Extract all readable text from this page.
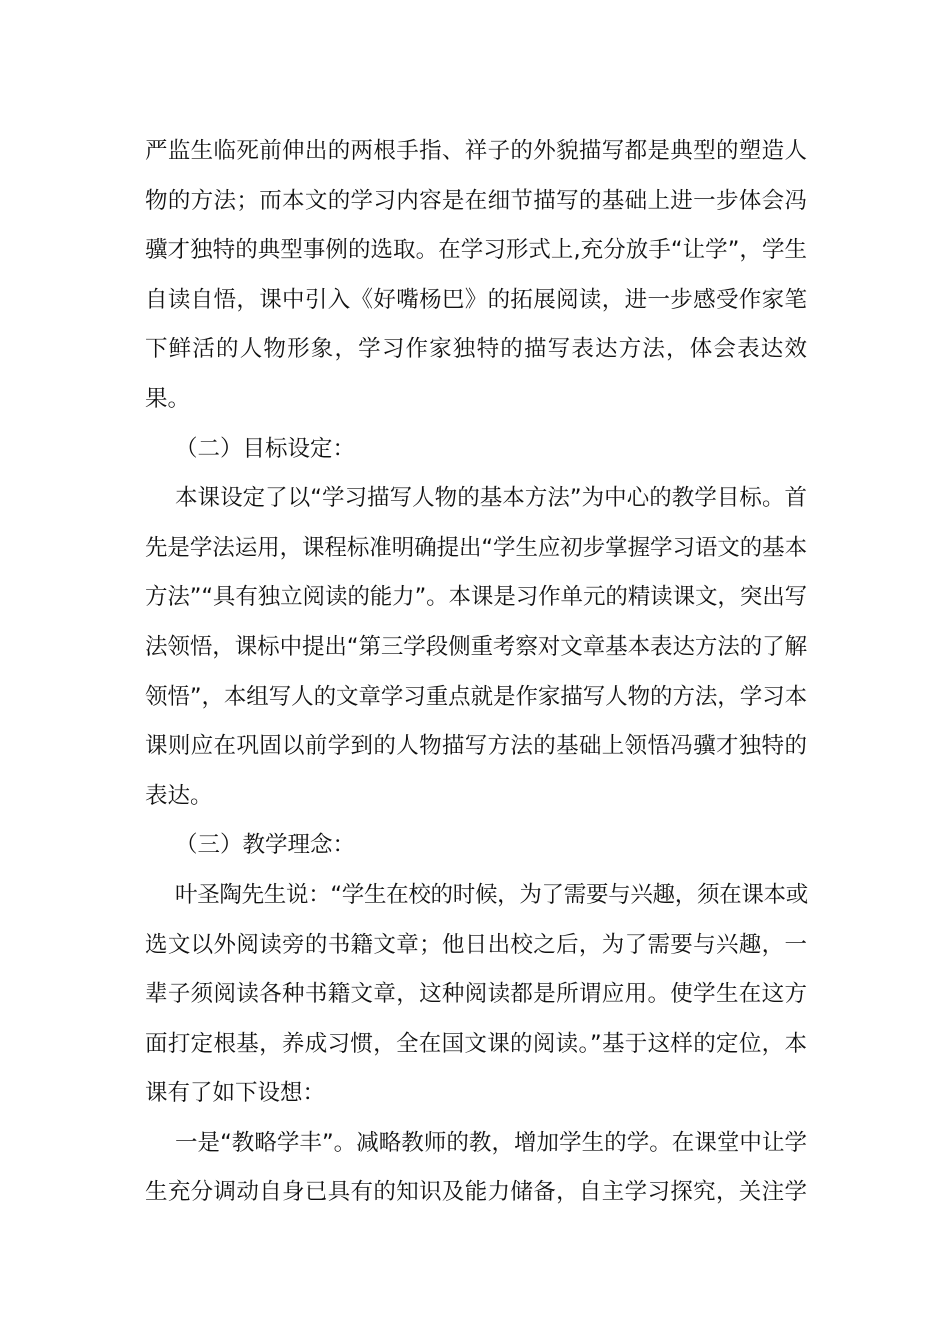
严监生临死前伸出的两根手指、祥子的外貌描写都是典型的塑造人
物的方法；而本文的学习内容是在细节描写的基础上进一步体会冯
骥才独特的典型事例的选取。在学习形式上,充分放手“让学”，学生
自读自悟，课中引入《好嘴杨巴》的拓展阅读，进一步感受作家笔
下鲜活的人物形象，学习作家独特的描写表达方法，体会表达效
果。
（二）目标设定：
本课设定了以“学习描写人物的基本方法”为中心的教学目标。首
先是学法运用，课程标准明确提出“学生应初步掌握学习语文的基本
方法”“具有独立阅读的能力”。本课是习作单元的精读课文，突出写
法领悟，课标中提出“第三学段侧重考察对文章基本表达方法的了解
领悟”，本组写人的文章学习重点就是作家描写人物的方法，学习本
课则应在巩固以前学到的人物描写方法的基础上领悟冯骥才独特的
表达。
（三）教学理念：
叶圣陶先生说：“学生在校的时候，为了需要与兴趣，须在课本或
选文以外阅读旁的书籍文章；他日出校之后，为了需要与兴趣，一
辈子须阅读各种书籍文章，这种阅读都是所谓应用。使学生在这方
面打定根基，养成习惯，全在国文课的阅读。”基于这样的定位，本
课有了如下设想：
一是“教略学丰”。减略教师的教，增加学生的学。在课堂中让学
生充分调动自身已具有的知识及能力储备，自主学习探究，关注学
